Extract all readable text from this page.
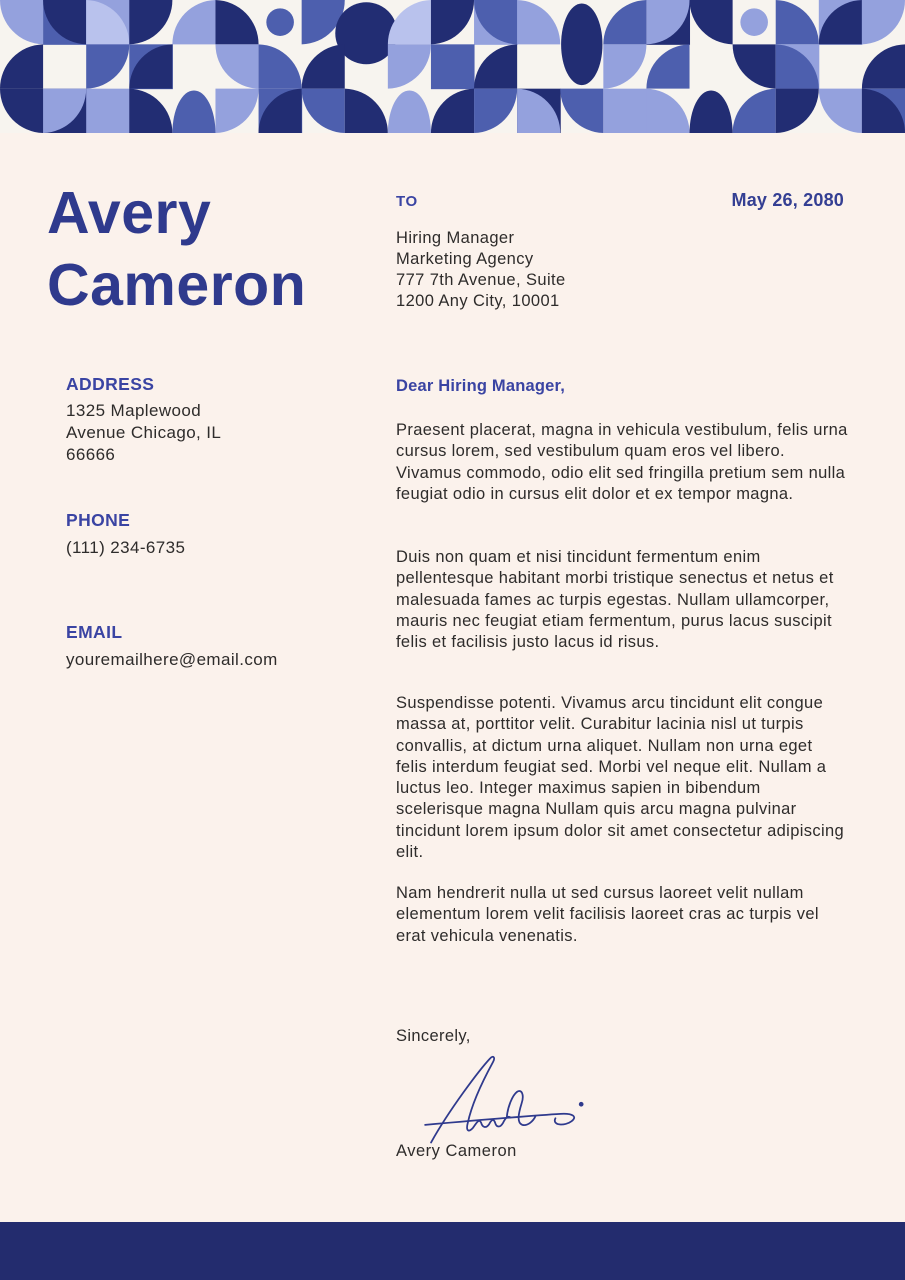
Avery
Cameron
TO	May 26, 2080
Hiring Manager
Marketing Agency
777 7th Avenue, Suite
1200 Any City, 10001
ADDRESS
1325 Maplewood Avenue Chicago, IL 66666
PHONE
(111) 234-6735
EMAIL
youremailhere@email.com
Dear Hiring Manager,
Praesent placerat, magna in vehicula vestibulum, felis urna cursus lorem, sed vestibulum quam eros vel libero. Vivamus commodo, odio elit sed fringilla pretium sem nulla feugiat odio in cursus elit dolor et ex tempor magna.
Duis non quam et nisi tincidunt fermentum enim pellentesque habitant morbi tristique senectus et netus et malesuada fames ac turpis egestas. Nullam ullamcorper, mauris nec feugiat etiam fermentum, purus lacus suscipit felis et facilisis justo lacus id risus.
Suspendisse potenti. Vivamus arcu tincidunt elit congue massa at, porttitor velit. Curabitur lacinia nisl ut turpis convallis, at dictum urna aliquet. Nullam non urna eget felis interdum feugiat sed. Morbi vel neque elit. Nullam a luctus leo. Integer maximus sapien in bibendum scelerisque magna Nullam quis arcu magna pulvinar tincidunt lorem ipsum dolor sit amet consectetur adipiscing elit.
Nam hendrerit nulla ut sed cursus laoreet velit nullam elementum lorem velit facilisis laoreet cras ac turpis vel erat vehicula venenatis.
Sincerely,
Avery Cameron
